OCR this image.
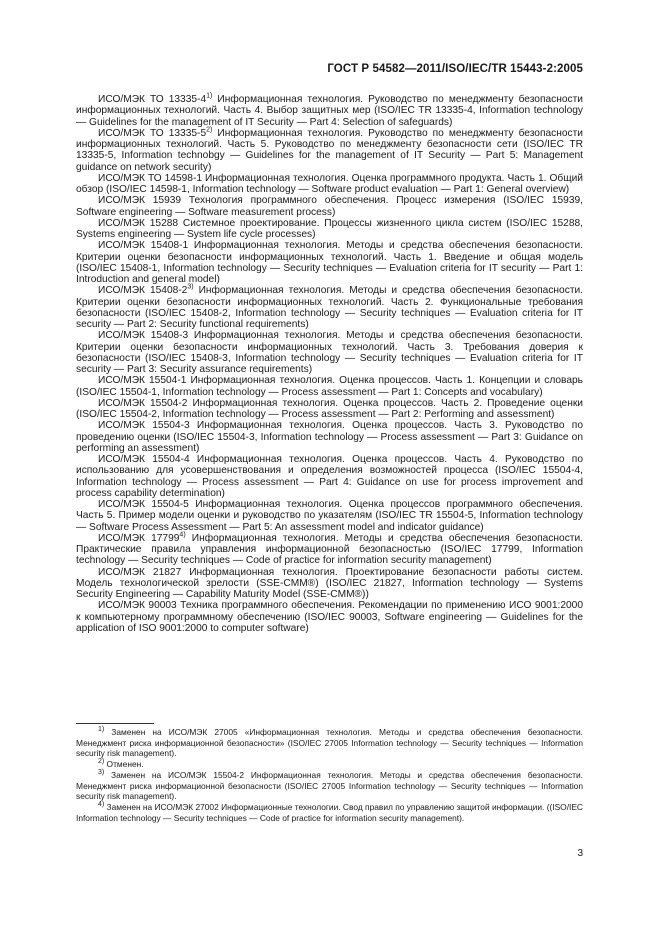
ГОСТ Р 54582—2011/ISO/IEC/TR 15443-2:2005

ИСО/МЭК ТО 13335-4$^{1)}$ Информационная технология. Руководство по менеджменту безопасности информационных технологий. Часть 4. Выбор защитных мер (ISO/IEC TR 13335-4, Information technology — Guidelines for the management of IT Security — Part 4: Selection of safeguards)

ИСО/МЭК ТО 13335-5$^{2)}$ Информационная технология. Руководство по менеджменту безопасности информационных технологий. Часть 5. Руководство по менеджменту безопасности сети (ISO/IEC TR 13335-5, Information technobgy — Guidelines for the management of IT Security — Part 5: Management guidance on network security)

ИСО/МЭК ТО 14598-1 Информационная технология. Оценка программного продукта. Часть 1. Общий обзор (ISO/IEC 14598-1, Information technology — Software product evaluation — Part 1: General overview)

ИСО/МЭК 15939 Технология программного обеспечения. Процесс измерения (ISO/IEC 15939, Software engineering — Software measurement process)

ИСО/МЭК 15288 Системное проектирование. Процессы жизненного цикла систем (ISO/IEC 15288, Systems engineering — System life cycle processes)

ИСО/МЭК 15408-1 Информационная технология. Методы и средства обеспечения безопасности. Критерии оценки безопасности информационных технологий. Часть 1. Введение и общая модель (ISO/IEC 15408-1, Information technology — Security techniques — Evaluation criteria for IT security — Part 1: Introduction and general model)

ИСО/МЭК 15408-2$^{3)}$ Информационная технология. Методы и средства обеспечения безопасности. Критерии оценки безопасности информационных технологий. Часть 2. Функциональные требования безопасности (ISO/IEC 15408-2, Information technology — Security techniques — Evaluation criteria for IT security — Part 2: Security functional requirements)

ИСО/МЭК 15408-3 Информационная технология. Методы и средства обеспечения безопасности. Критерии оценки безопасности информационных технологий. Часть 3. Требования доверия к безопасности (ISO/IEC 15408-3, Information technology — Security techniques — Evaluation criteria for IT security — Part 3: Security assurance requirements)

ИСО/МЭК 15504-1 Информационная технология. Оценка процессов. Часть 1. Концепции и словарь (ISO/IEC 15504-1, Information technology — Process assessment — Part 1: Concepts and vocabulary)

ИСО/МЭК 15504-2 Информационная технология. Оценка процессов. Часть 2. Проведение оценки (ISO/IEC 15504-2, Information technology — Process assessment — Part 2: Performing and assessment)

ИСО/МЭК 15504-3 Информационная технология. Оценка процессов. Часть 3. Руководство по проведению оценки (ISO/IEC 15504-3, Information technology — Process assessment — Part 3: Guidance on performing an assessment)

ИСО/МЭК 15504-4 Информационная технология. Оценка процессов. Часть 4. Руководство по использованию для усовершенствования и определения возможностей процесса (ISO/IEC 15504-4, Information technology — Process assessment — Part 4: Guidance on use for process improvement and process capability determination)

ИСО/МЭК 15504-5 Информационная технология. Оценка процессов программного обеспечения. Часть 5. Пример модели оценки и руководство по указателям (ISO/IEC TR 15504-5, Information technology — Software Process Assessment — Part 5: An assessment model and indicator guidance)

ИСО/МЭК 17799$^{4)}$ Информационная технология. Методы и средства обеспечения безопасности. Практические правила управления информационной безопасностью (ISO/IEC 17799, Information technology — Security techniques — Code of practice for information security management)

ИСО/МЭК 21827 Информационная технология. Проектирование безопасности работы систем. Модель технологической зрелости (SSE-CMM®) (ISO/IEC 21827, Information technology — Systems Security Engineering — Capability Maturity Model (SSE-CMM®))

ИСО/МЭК 90003 Техника программного обеспечения. Рекомендации по применению ИСО 9001:2000 к компьютерному программному обеспечению (ISO/IEC 90003, Software engineering — Guidelines for the application of ISO 9001:2000 to computer software)

$^{1)}$ Заменен на ИСО/МЭК 27005 «Информационная технология. Методы и средства обеспечения безопасности. Менеджмент риска информационной безопасности» (ISO/IEC 27005 Information technology — Security techniques — Information security risk management).

$^{2)}$ Отменен.

$^{3)}$ Заменен на ИСО/МЭК 15504-2 Информационная технология. Методы и средства обеспечения безопасности. Менеджмент риска информационной безопасности (ISO/IEC 27005 Information technology — Security techniques — Information security risk management).

$^{4)}$ Заменен на ИСО/МЭК 27002 Информационные технологии. Свод правил по управлению защитой информации. ((ISO/IEC Information technology — Security techniques — Code of practice for information security management).

3
